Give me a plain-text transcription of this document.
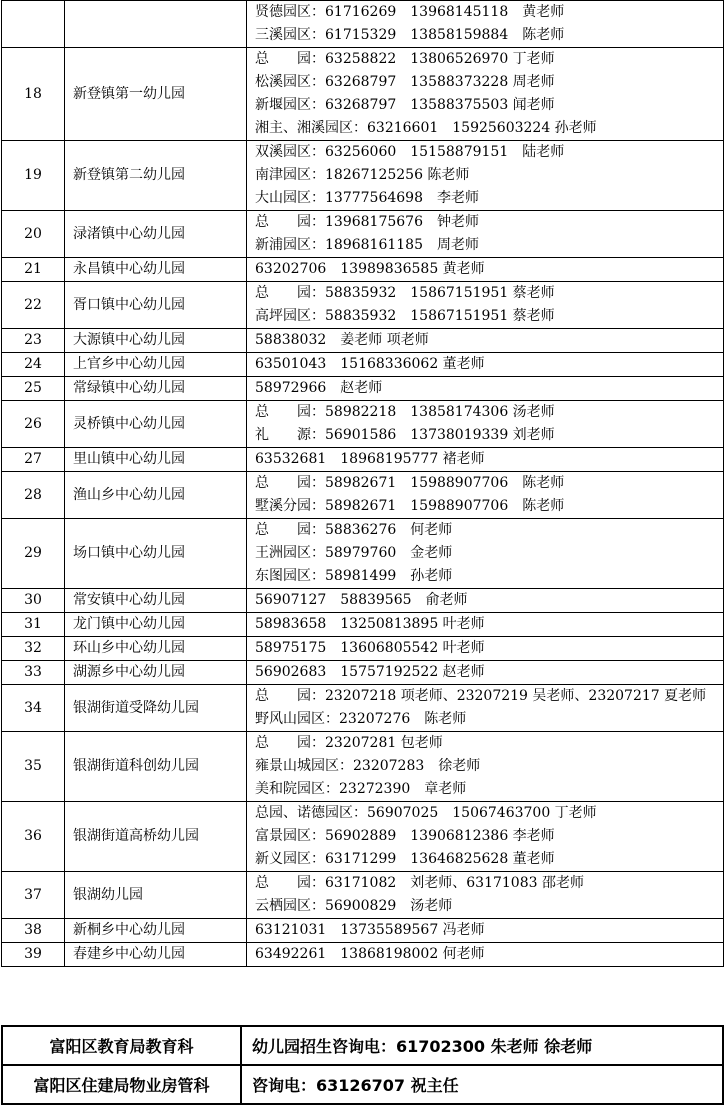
		贤德园区：61716269　13968145118　黄老师
三溪园区：61715329　13858159884　陈老师

18	新登镇第一幼儿园	总　　园：63258822　13806526970 丁老师
松溪园区：63268797　13588373228 周老师
新堰园区：63268797　13588375503 闻老师
湘主、湘溪园区：63216601　15925603224 孙老师

19	新登镇第二幼儿园	双溪园区：63256060　15158879151　陆老师
南津园区：18267125256 陈老师
大山园区：13777564698　李老师

20	渌渚镇中心幼儿园	总　　园：13968175676　钟老师
新浦园区：18968161185　周老师

21	永昌镇中心幼儿园	63202706　13989836585 黄老师

22	胥口镇中心幼儿园	总　　园：58835932　15867151951 蔡老师
高坪园区：58835932　15867151951 蔡老师

23	大源镇中心幼儿园	58838032　姜老师 项老师

24	上官乡中心幼儿园	63501043　15168336062 董老师

25	常绿镇中心幼儿园	58972966　赵老师

26	灵桥镇中心幼儿园	总　　园：58982218　13858174306 汤老师
礼　　源：56901586　13738019339 刘老师

27	里山镇中心幼儿园	63532681　18968195777 褚老师

28	渔山乡中心幼儿园	总　　园：58982671　15988907706　陈老师
墅溪分园：58982671　15988907706　陈老师

29	场口镇中心幼儿园	总　　园：58836276　何老师
王洲园区：58979760　金老师
东图园区：58981499　孙老师

30	常安镇中心幼儿园	56907127　58839565　俞老师

31	龙门镇中心幼儿园	58983658　13250813895 叶老师

32	环山乡中心幼儿园	58975175　13606805542 叶老师

33	湖源乡中心幼儿园	56902683　15757192522 赵老师

34	银湖街道受降幼儿园	总　　园：23207218 项老师、23207219 吴老师、23207217 夏老师
野风山园区：23207276　陈老师

35	银湖街道科创幼儿园	总　　园：23207281 包老师
雍景山城园区：23207283　徐老师
美和院园区：23272390　章老师

36	银湖街道高桥幼儿园	总园、诺德园区：56907025　15067463700 丁老师
富景园区：56902889　13906812386 李老师
新义园区：63171299　13646825628 董老师

37	银湖幼儿园	总　　园：63171082　刘老师、63171083 邵老师
云栖园区：56900829　汤老师

38	新桐乡中心幼儿园	63121031　13735589567 冯老师

39	春建乡中心幼儿园	63492261　13868198002 何老师
富阳区教育局教育科	幼儿园招生咨询电：61702300 朱老师 徐老师
富阳区住建局物业房管科	咨询电：63126707 祝主任
